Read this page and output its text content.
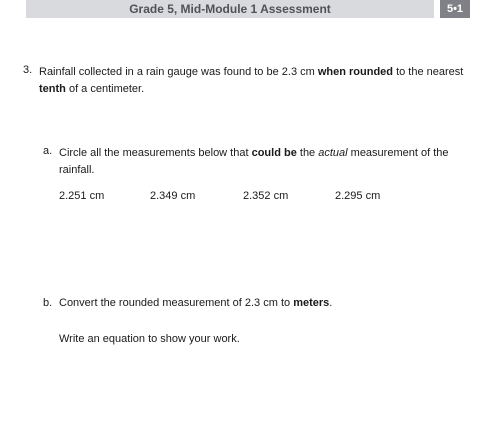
Grade 5, Mid-Module 1 Assessment	5•1
3. Rainfall collected in a rain gauge was found to be 2.3 cm when rounded to the nearest tenth of a centimeter.
a. Circle all the measurements below that could be the actual measurement of the rainfall.
2.251 cm	2.349 cm	2.352 cm	2.295 cm
b. Convert the rounded measurement of 2.3 cm to meters.
Write an equation to show your work.
